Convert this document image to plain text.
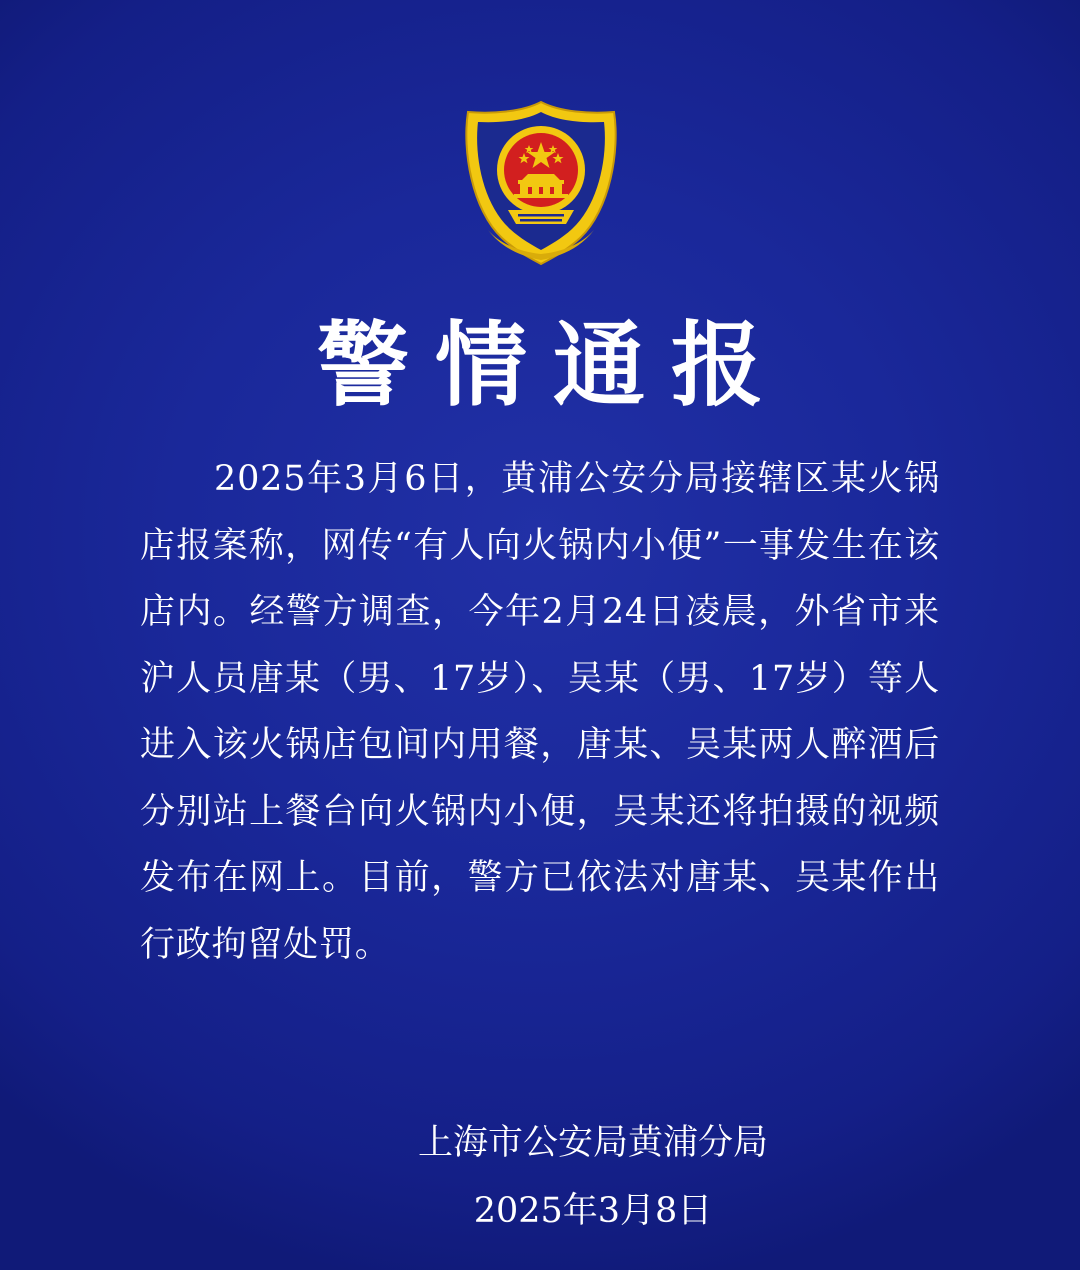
警情通报
2025年3月6日，黄浦公安分局接辖区某火锅店报案称，网传“有人向火锅内小便”一事发生在该店内。经警方调查，今年2月24日凌晨，外省市来沪人员唐某（男、17岁）、吴某（男、17岁）等人进入该火锅店包间内用餐，唐某、吴某两人醉酒后分别站上餐台向火锅内小便，吴某还将拍摄的视频发布在网上。目前，警方已依法对唐某、吴某作出行政拘留处罚。
上海市公安局黄浦分局
2025年3月8日
